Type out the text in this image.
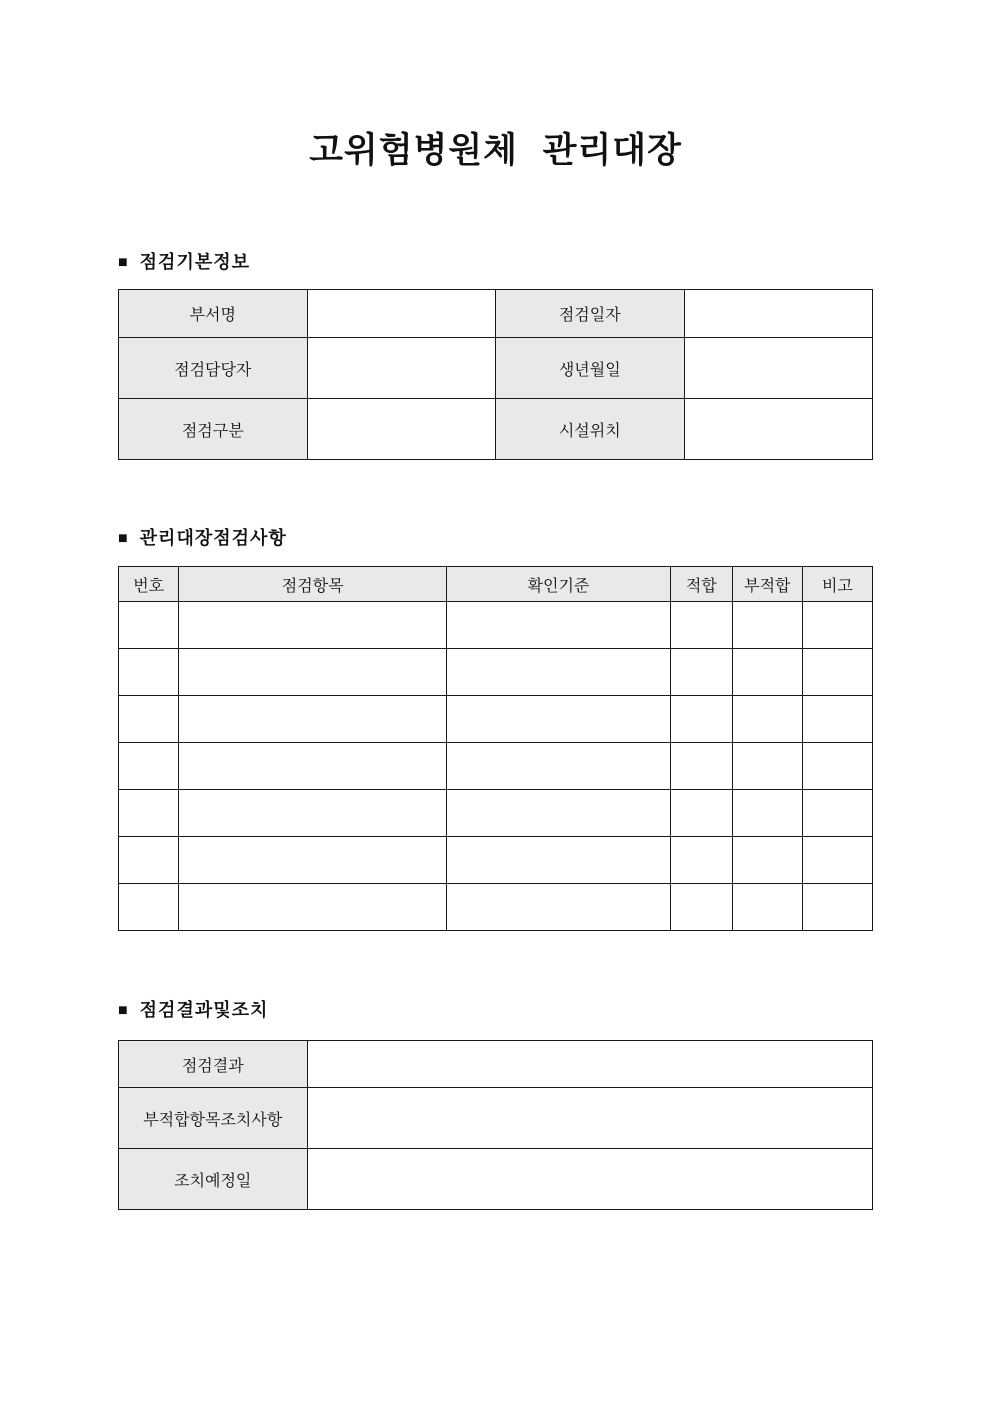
고위험병원체 관리대장
■ 점검기본정보
부서명		점검일자	
점검담당자		생년월일	
점검구분		시설위치	
■ 관리대장점검사항
번호	점검항목	확인기준	적합	부적합	비고

■ 점검결과및조치
점검결과	
부적합항목조치사항	
조치예정일	
